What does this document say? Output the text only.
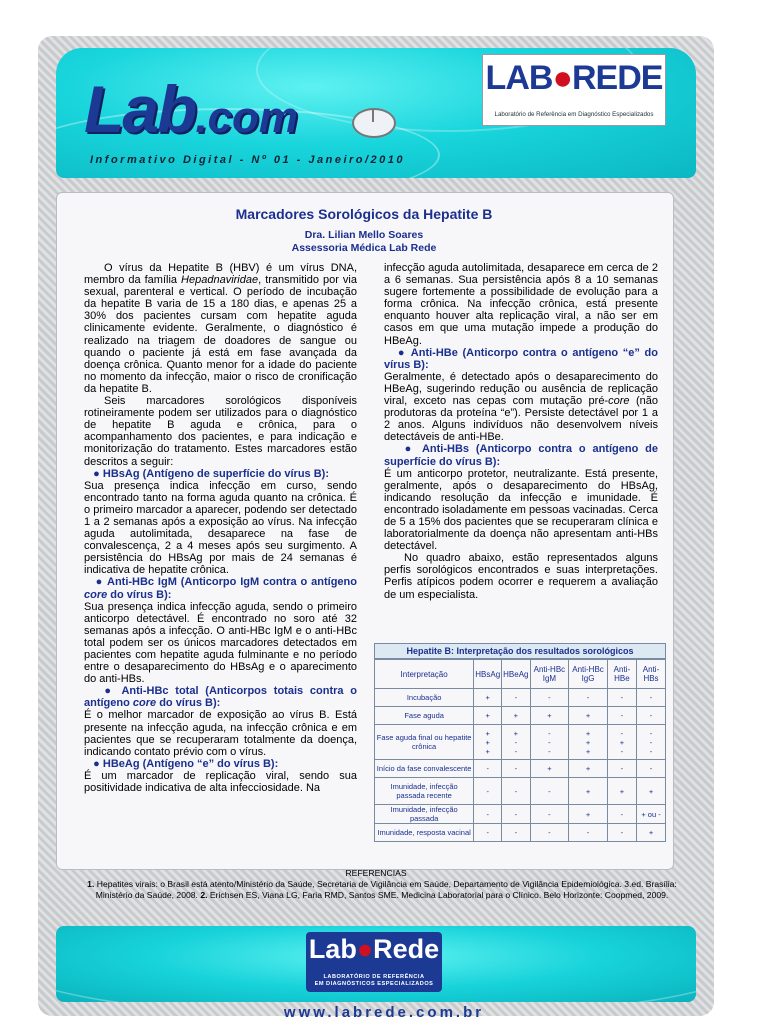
Lab.com
Informativo Digital - Nº 01 - Janeiro/2010
LAB●REDE
Laboratório de Referência em Diagnóstico Especializados
Marcadores Sorológicos da Hepatite B
Dra. Lilian Mello Soares
Assessoria Médica Lab Rede

O vírus da Hepatite B (HBV) é um vírus DNA, membro da família Hepadnaviridae, transmitido por via sexual, parenteral e vertical. O período de incubação da hepatite B varia de 15 a 180 dias, e apenas 25 a 30% dos pacientes cursam com hepatite aguda clinicamente evidente. Geralmente, o diagnóstico é realizado na triagem de doadores de sangue ou quando o paciente já está em fase avançada da doença crônica. Quanto menor for a idade do paciente no momento da infecção, maior o risco de cronificação da hepatite B.

Seis marcadores sorológicos disponíveis rotineiramente podem ser utilizados para o diagnóstico de hepatite B aguda e crônica, para o acompanhamento dos pacientes, e para indicação e monitorização do tratamento. Estes marcadores estão descritos a seguir:

● HBsAg (Antígeno de superfície do vírus B):

Sua presença indica infecção em curso, sendo encontrado tanto na forma aguda quanto na crônica. É o primeiro marcador a aparecer, podendo ser detectado 1 a 2 semanas após a exposição ao vírus. Na infecção aguda autolimitada, desaparece na fase de convalescença, 2 a 4 meses após seu surgimento. A persistência do HBsAg por mais de 24 semanas é indicativa de hepatite crônica.

● Anti-HBc IgM (Anticorpo IgM contra o antígeno core do vírus B):

Sua presença indica infecção aguda, sendo o primeiro anticorpo detectável. É encontrado no soro até 32 semanas após a infecção. O anti-HBc IgM e o anti-HBc total podem ser os únicos marcadores detectados em pacientes com hepatite aguda fulminante e no período entre o desaparecimento do HBsAg e o aparecimento do anti-HBs.

● Anti-HBc total (Anticorpos totais contra o antígeno core do vírus B):

É o melhor marcador de exposição ao vírus B. Está presente na infecção aguda, na infecção crônica e em pacientes que se recuperaram totalmente da doença, indicando contato prévio com o vírus.

● HBeAg (Antígeno “e” do vírus B):

É um marcador de replicação viral, sendo sua positividade indicativa de alta infecciosidade. Na

infecção aguda autolimitada, desaparece em cerca de 2 a 6 semanas. Sua persistência após 8 a 10 semanas sugere fortemente a possibilidade de evolução para a forma crônica. Na infecção crônica, está presente enquanto houver alta replicação viral, a não ser em casos em que uma mutação impede a produção do HBeAg.

● Anti-HBe (Anticorpo contra o antígeno “e” do vírus B):

Geralmente, é detectado após o desaparecimento do HBeAg, sugerindo redução ou ausência de replicação viral, exceto nas cepas com mutação pré-core (não produtoras da proteína “e”). Persiste detectável por 1 a 2 anos. Alguns indivíduos não desenvolvem níveis detectáveis de anti-HBe.

● Anti-HBs (Anticorpo contra o antígeno de superfície do vírus B):

É um anticorpo protetor, neutralizante. Está presente, geralmente, após o desaparecimento do HBsAg, indicando resolução da infecção e imunidade. É encontrado isoladamente em pessoas vacinadas. Cerca de 5 a 15% dos pacientes que se recuperaram clínica e laboratorialmente da doença não apresentam anti-HBs detectável.

No quadro abaixo, estão representados alguns perfis sorológicos encontrados e suas interpretações. Perfis atípicos podem ocorrer e requerem a avaliação de um especialista.

Hepatite B: Interpretação dos resultados sorológicos
Interpretação	HBsAg	HBeAg	Anti-HBc IgM	Anti-HBc IgG	Anti-HBe	Anti-HBs
Incubação	+	-	-	-	-	-
Fase aguda	+	+	+	+	-	-
Fase aguda final ou hepatite crônica	+
+
+	+
-
-	-
-
-	+
+
+	-
+
-	-
-
-
Início da fase convalescente	-	-	+	+	-	-
Imunidade, infecção passada recente	-	-	-	+	+	+
Imunidade, infecção passada	-	-	-	+	-	+ ou -
Imunidade, resposta vacinal	-	-	-	-	-	+
REFERENCIAS
1. Hepatites virais: o Brasil está atento/Ministério da Saúde, Secretaria de Vigilância em Saúde, Departamento de Vigilância Epidemiológica. 3.ed. Brasília: Ministério da Saúde, 2008. 2. Erichsen ES, Viana LG, Faria RMD, Santos SME. Medicina Laboratorial para o Clínico. Belo Horizonte: Coopmed, 2009.
Lab●Rede
LABORATÓRIO DE REFERÊNCIA
EM DIAGNÓSTICOS ESPECIALIZADOS
www.labrede.com.br
